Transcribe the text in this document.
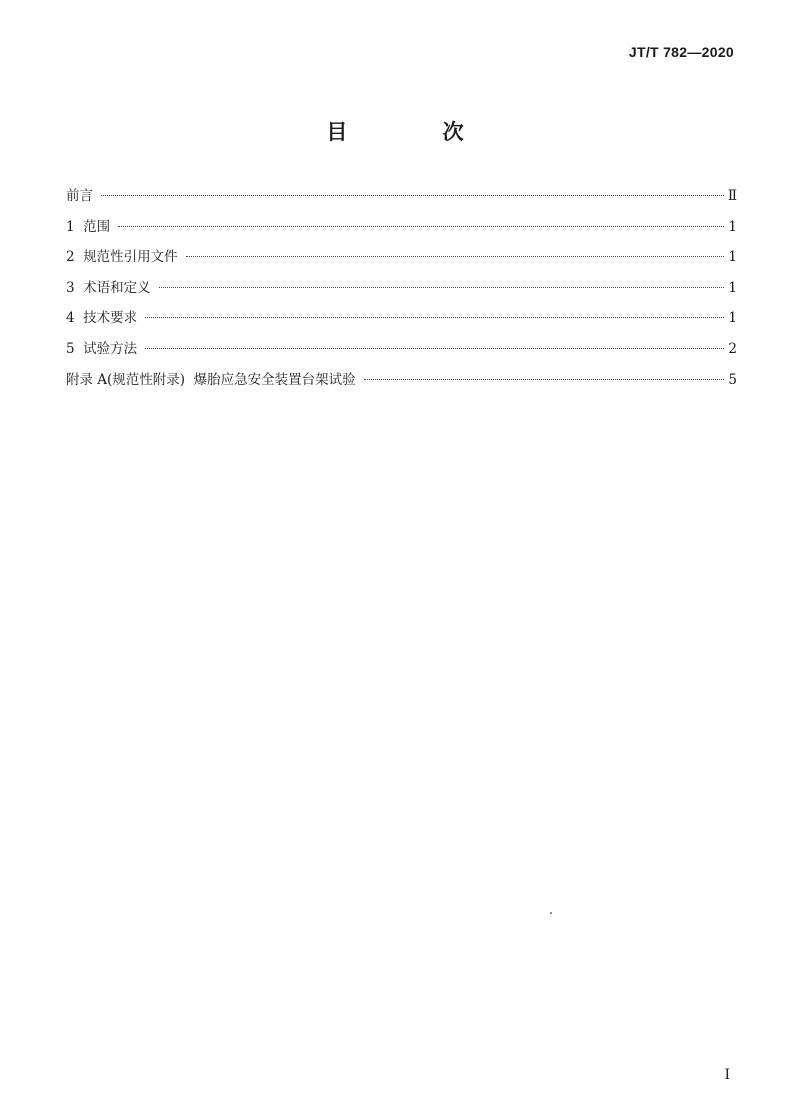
JT/T 782—2020
目 次
前言	Ⅱ
1  范围	1
2  规范性引用文件	1
3  术语和定义	1
4  技术要求	1
5  试验方法	2
附录 A(规范性附录)  爆胎应急安全装置台架试验	5
I
